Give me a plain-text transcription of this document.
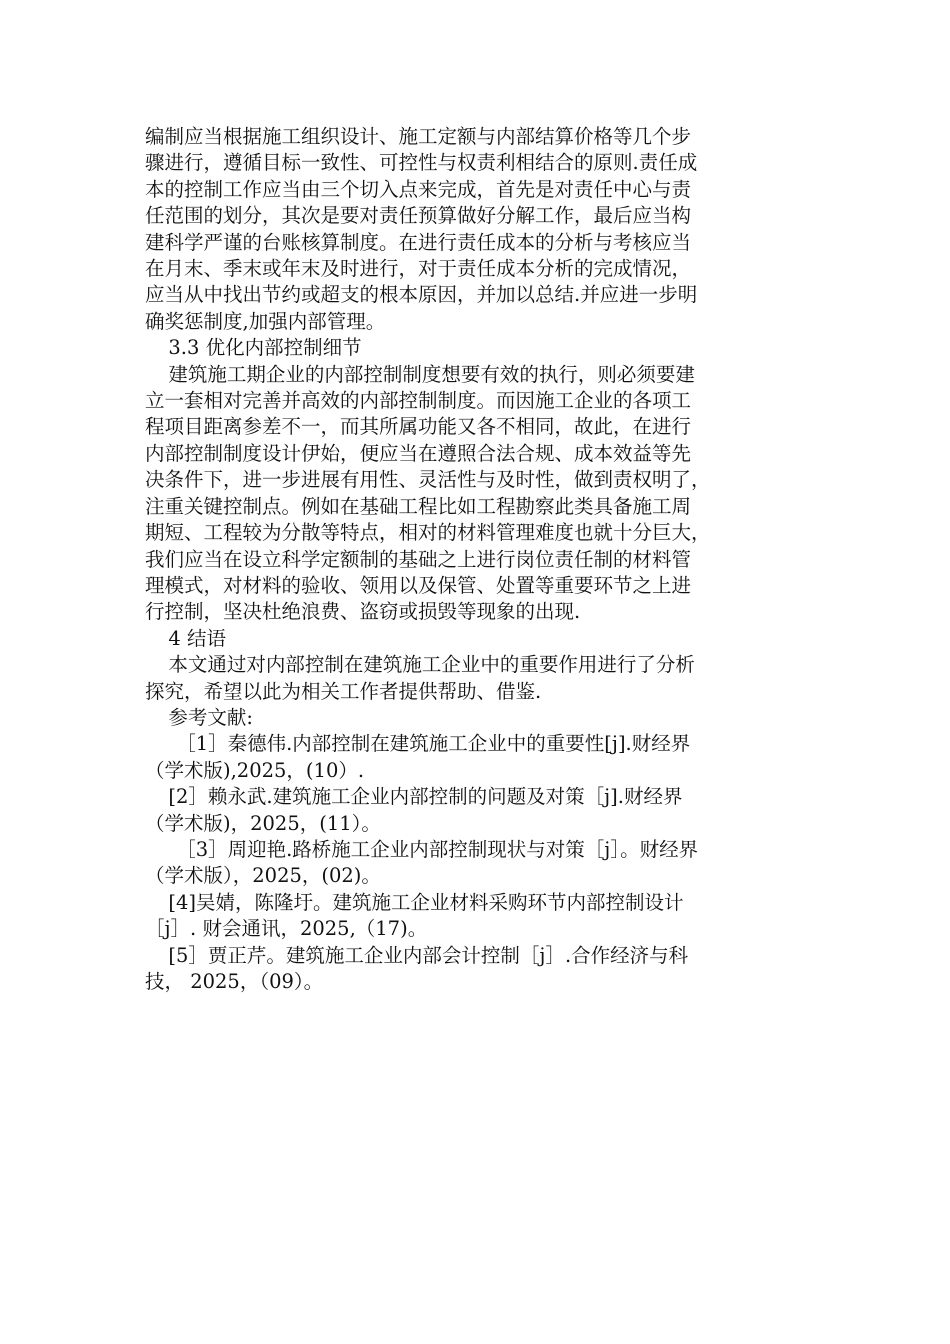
编制应当根据施工组织设计、施工定额与内部结算价格等几个步

骤进行，遵循目标一致性、可控性与权责利相结合的原则.责任成

本的控制工作应当由三个切入点来完成，首先是对责任中心与责

任范围的划分，其次是要对责任预算做好分解工作，最后应当构

建科学严谨的台账核算制度。在进行责任成本的分析与考核应当

在月末、季末或年末及时进行，对于责任成本分析的完成情况，

应当从中找出节约或超支的根本原因，并加以总结.并应进一步明

确奖惩制度,加强内部管理。

3.3 优化内部控制细节

建筑施工期企业的内部控制制度想要有效的执行，则必须要建

立一套相对完善并高效的内部控制制度。而因施工企业的各项工

程项目距离参差不一，而其所属功能又各不相同，故此，在进行

内部控制制度设计伊始，便应当在遵照合法合规、成本效益等先

决条件下，进一步进展有用性、灵活性与及时性，做到责权明了，

注重关键控制点。例如在基础工程比如工程勘察此类具备施工周

期短、工程较为分散等特点，相对的材料管理难度也就十分巨大，

我们应当在设立科学定额制的基础之上进行岗位责任制的材料管

理模式，对材料的验收、领用以及保管、处置等重要环节之上进

行控制，坚决杜绝浪费、盗窃或损毁等现象的出现.

4 结语

本文通过对内部控制在建筑施工企业中的重要作用进行了分析

探究，希望以此为相关工作者提供帮助、借鉴.

参考文献:

［1］秦德伟.内部控制在建筑施工企业中的重要性[j].财经界

（学术版),2025，(10）.

[2］赖永武.建筑施工企业内部控制的问题及对策［j].财经界

（学术版)，2025，(11）。

［3］周迎艳.路桥施工企业内部控制现状与对策［j］。财经界

（学术版），2025，(02)。

[4]吴婧，陈隆圩。建筑施工企业材料采购环节内部控制设计

［j］. 财会通讯，2025,（17)。

[5］贾正芹。建筑施工企业内部会计控制［j］.合作经济与科

技， 2025，（09）。
